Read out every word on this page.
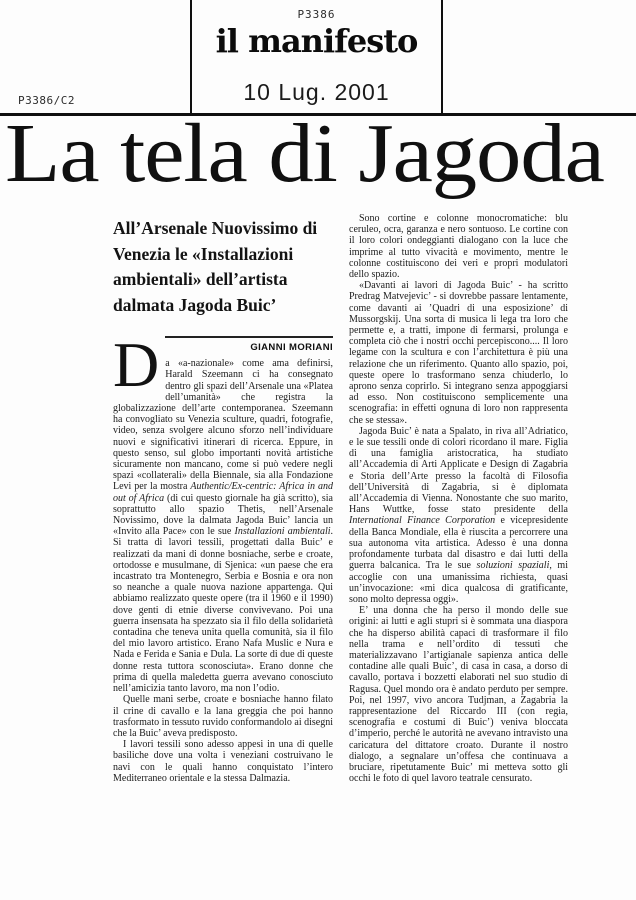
P3386
il manifesto
10 Lug. 2001
P3386/C2
La tela di Jagoda
All’Arsenale Nuovissimo di Venezia le «Installazioni ambientali» dell’artista dalmata Jagoda Buic’
D	GIANNI MORIANI

a «a-nazionale» come ama definirsi, Harald Szeemann ci ha consegnato dentro gli spazi dell’Arsenale una «Platea dell’umanità» che registra la globalizzazione dell’arte contemporanea. Szeemann ha convogliato su Venezia sculture, quadri, fotografie, video, senza svolgere alcuno sforzo nell’individuare nuovi e significativi itinerari di ricerca. Eppure, in questo senso, sul globo importanti novità artistiche sicuramente non mancano, come si può vedere negli spazi «collaterali» della Biennale, sia alla Fondazione Levi per la mostra Authentic/Ex-centric: Africa in and out of Africa (di cui questo giornale ha già scritto), sia soprattutto allo spazio Thetis, nell’Arsenale Novissimo, dove la dalmata Jagoda Buic’ lancia un «Invito alla Pace» con le sue Installazioni ambientali. Si tratta di lavori tessili, progettati dalla Buic’ e realizzati da mani di donne bosniache, serbe e croate, ortodosse e musulmane, di Sjenica: «un paese che era incastrato tra Montenegro, Serbia e Bosnia e ora non so neanche a quale nuova nazione appartenga. Qui abbiamo realizzato queste opere (tra il 1960 e il 1990) dove genti di etnie diverse convivevano. Poi una guerra insensata ha spezzato sia il filo della solidarietà contadina che teneva unita quella comunità, sia il filo del mio lavoro artistico. Erano Nafa Muslic e Nura e Nada e Ferida e Sania e Dula. La sorte di due di queste donne resta tuttora sconosciuta». Erano donne che prima di quella maledetta guerra avevano conosciuto nell’amicizia tanto lavoro, ma non l’odio.

Quelle mani serbe, croate e bosniache hanno filato il crine di cavallo e la lana greggia che poi hanno trasformato in tessuto ruvido conformandolo ai disegni che la Buic’ aveva predisposto.

I lavori tessili sono adesso appesi in una di quelle basiliche dove una volta i veneziani costruivano le navi con le quali hanno conquistato l’intero Mediterraneo orientale e la stessa Dalmazia.

Sono cortine e colonne monocromatiche: blu ceruleo, ocra, garanza e nero sontuoso. Le cortine con il loro colori ondeggianti dialogano con la luce che imprime al tutto vivacità e movimento, mentre le colonne costituiscono dei veri e propri modulatori dello spazio.

«Davanti ai lavori di Jagoda Buic’ - ha scritto Predrag Matvejevic’ - si dovrebbe passare lentamente, come davanti ai ’Quadri di una esposizione’ di Mussorgskij. Una sorta di musica li lega tra loro che permette e, a tratti, impone di fermarsi, prolunga e completa ciò che i nostri occhi percepiscono.... Il loro legame con la scultura e con l’architettura è più una relazione che un riferimento. Quanto allo spazio, poi, queste opere lo trasformano senza chiuderlo, lo aprono senza coprirlo. Si integrano senza appoggiarsi ad esso. Non costituiscono semplicemente una scenografia: in effetti ognuna di loro non rappresenta che se stessa».

Jagoda Buic’ è nata a Spalato, in riva all’Adriatico, e le sue tessili onde di colori ricordano il mare. Figlia di una famiglia aristocratica, ha studiato all’Accademia di Arti Applicate e Design di Zagabria e Storia dell’Arte presso la facoltà di Filosofia dell’Università di Zagabria, si è diplomata all’Accademia di Vienna. Nonostante che suo marito, Hans Wuttke, fosse stato presidente della International Finance Corporation e vicepresidente della Banca Mondiale, ella è riuscita a percorrere una sua autonoma vita artistica. Adesso è una donna profondamente turbata dal disastro e dai lutti della guerra balcanica. Tra le sue soluzioni spaziali, mi accoglie con una umanissima richiesta, quasi un’invocazione: «mi dica qualcosa di gratificante, sono molto depressa oggi».

E’ una donna che ha perso il mondo delle sue origini: ai lutti e agli stupri si è sommata una diaspora che ha disperso abilità capaci di trasformare il filo nella trama e nell’ordito di tessuti che materializzavano l’artigianale sapienza antica delle contadine alle quali Buic’, di casa in casa, a dorso di cavallo, portava i bozzetti elaborati nel suo studio di Ragusa. Quel mondo ora è andato perduto per sempre. Poi, nel 1997, vivo ancora Tudjman, a Zagabria la rappresentazione del Riccardo III (con regia, scenografia e costumi di Buic’) veniva bloccata d’imperio, perché le autorità ne avevano intravisto una caricatura del dittatore croato. Durante il nostro dialogo, a segnalare un’offesa che continuava a bruciare, ripetutamente Buic’ mi metteva sotto gli occhi le foto di quel lavoro teatrale censurato.
